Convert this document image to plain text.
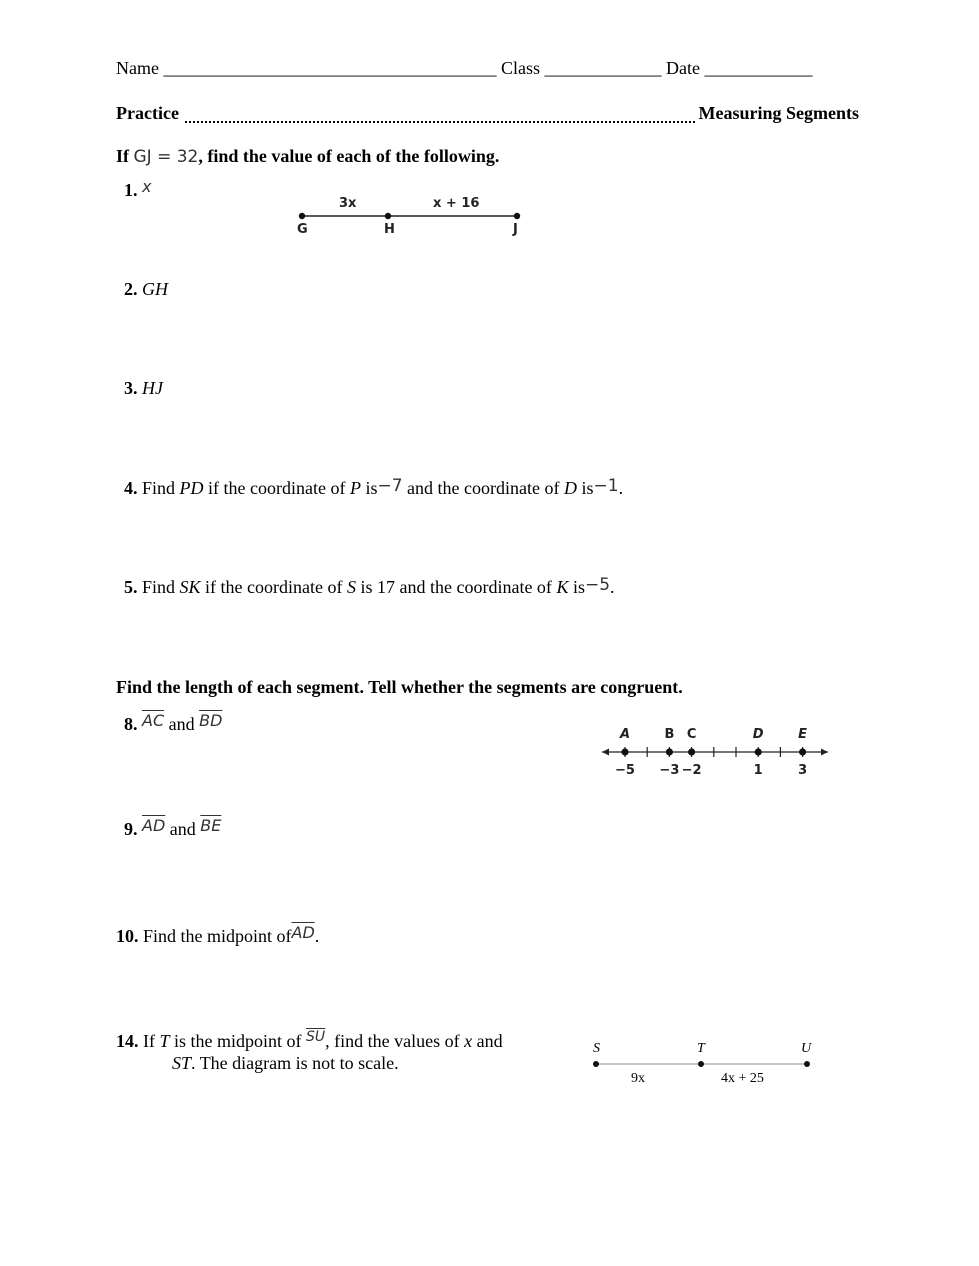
Name _____________________________________ Class _____________ Date ____________
Practice	Measuring Segments
If GJ = 32, find the value of each of the following.
1. x
3x	x + 16
G	H	J
2. GH
3. HJ
4. Find PD if the coordinate of P is−7 and the coordinate of D is−1.
5. Find SK if the coordinate of S is 17 and the coordinate of K is−5.
Find the length of each segment. Tell whether the segments are congruent.
8. $\overline{AC}$ and $\overline{BD}$
A
−5
B
−3
C
−2
D
1
E
3
9. $\overline{AD}$ and $\overline{BE}$
10. Find the midpoint $of\overline{AD}$.
14. If T is the midpoint of $^{\overline{SU}}$, find the values of x and
ST. The diagram is not to scale.
S	T	U
9x	4x + 25
